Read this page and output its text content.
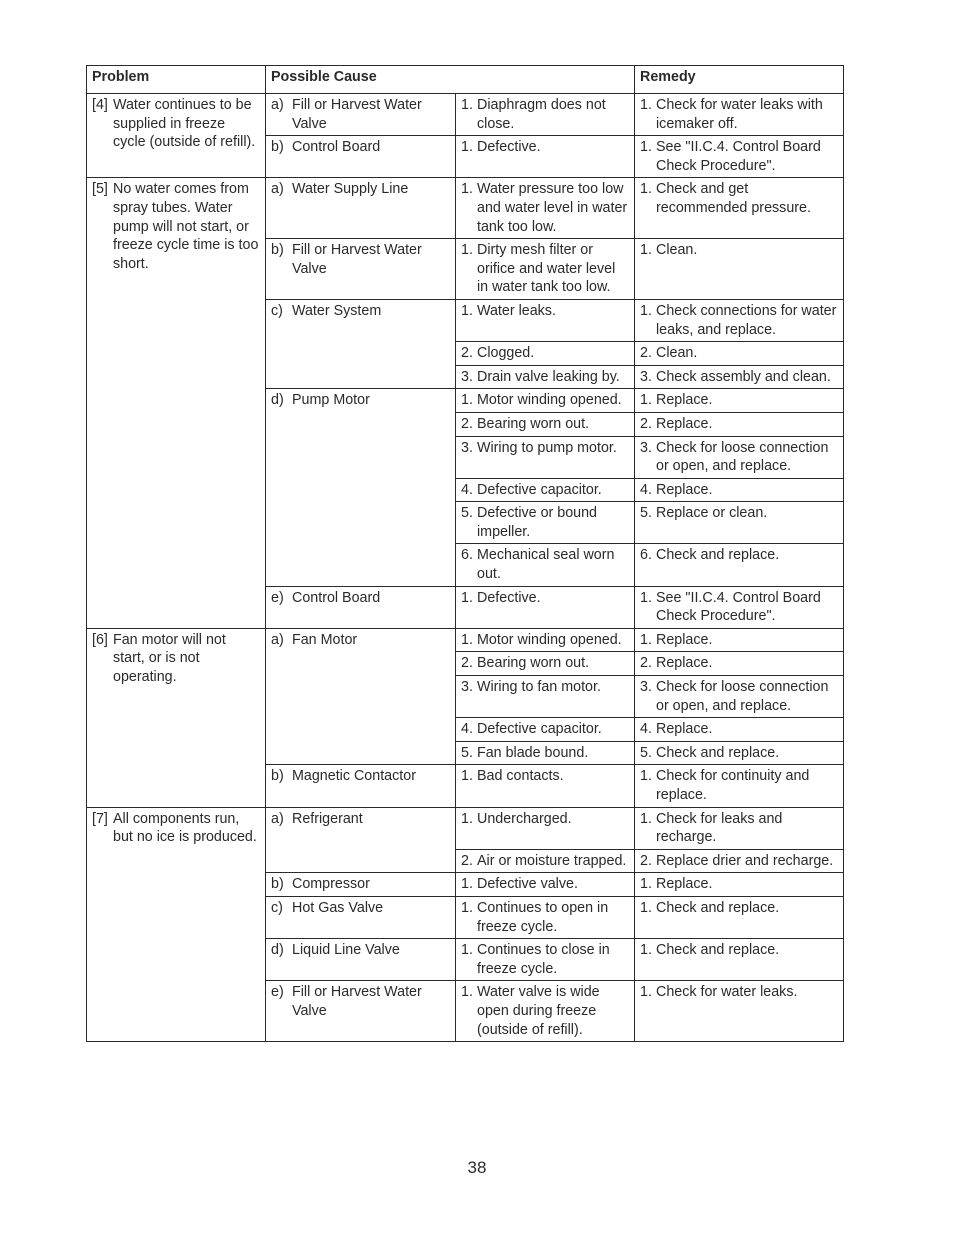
Problem	Possible Cause		Remedy

[4] Water continues to be supplied in freeze cycle (outside of refill).	a) Fill or Harvest Water Valve	1. Diaphragm does not close.	1. Check for water leaks with icemaker off.

	b) Control Board	1. Defective.	1. See "II.C.4. Control Board Check Procedure".

[5] No water comes from spray tubes. Water pump will not start, or freeze cycle time is too short.	a) Water Supply Line	1. Water pressure too low and water level in water tank too low.	1. Check and get recommended pressure.

	b) Fill or Harvest Water Valve	1. Dirty mesh filter or orifice and water level in water tank too low.	1. Clean.

	c) Water System	1. Water leaks.	1. Check connections for water leaks, and replace.

		2. Clogged.	2. Clean.

		3. Drain valve leaking by.	3. Check assembly and clean.

	d) Pump Motor	1. Motor winding opened.	1. Replace.

		2. Bearing worn out.	2. Replace.

		3. Wiring to pump motor.	3. Check for loose connection or open, and replace.

		4. Defective capacitor.	4. Replace.

		5. Defective or bound impeller.	5. Replace or clean.

		6. Mechanical seal worn out.	6. Check and replace.

	e) Control Board	1. Defective.	1. See "II.C.4. Control Board Check Procedure".

[6] Fan motor will not start, or is not operating.	a) Fan Motor	1. Motor winding opened.	1. Replace.

		2. Bearing worn out.	2. Replace.

		3. Wiring to fan motor.	3. Check for loose connection or open, and replace.

		4. Defective capacitor.	4. Replace.

		5. Fan blade bound.	5. Check and replace.

	b) Magnetic Contactor	1. Bad contacts.	1. Check for continuity and replace.

[7] All components run, but no ice is produced.	a) Refrigerant	1. Undercharged.	1. Check for leaks and recharge.

		2. Air or moisture trapped.	2. Replace drier and recharge.

	b) Compressor	1. Defective valve.	1. Replace.

	c) Hot Gas Valve	1. Continues to open in freeze cycle.	1. Check and replace.

	d) Liquid Line Valve	1. Continues to close in freeze cycle.	1. Check and replace.

	e) Fill or Harvest Water Valve	1. Water valve is wide open during freeze (outside of refill).	1. Check for water leaks.
38
